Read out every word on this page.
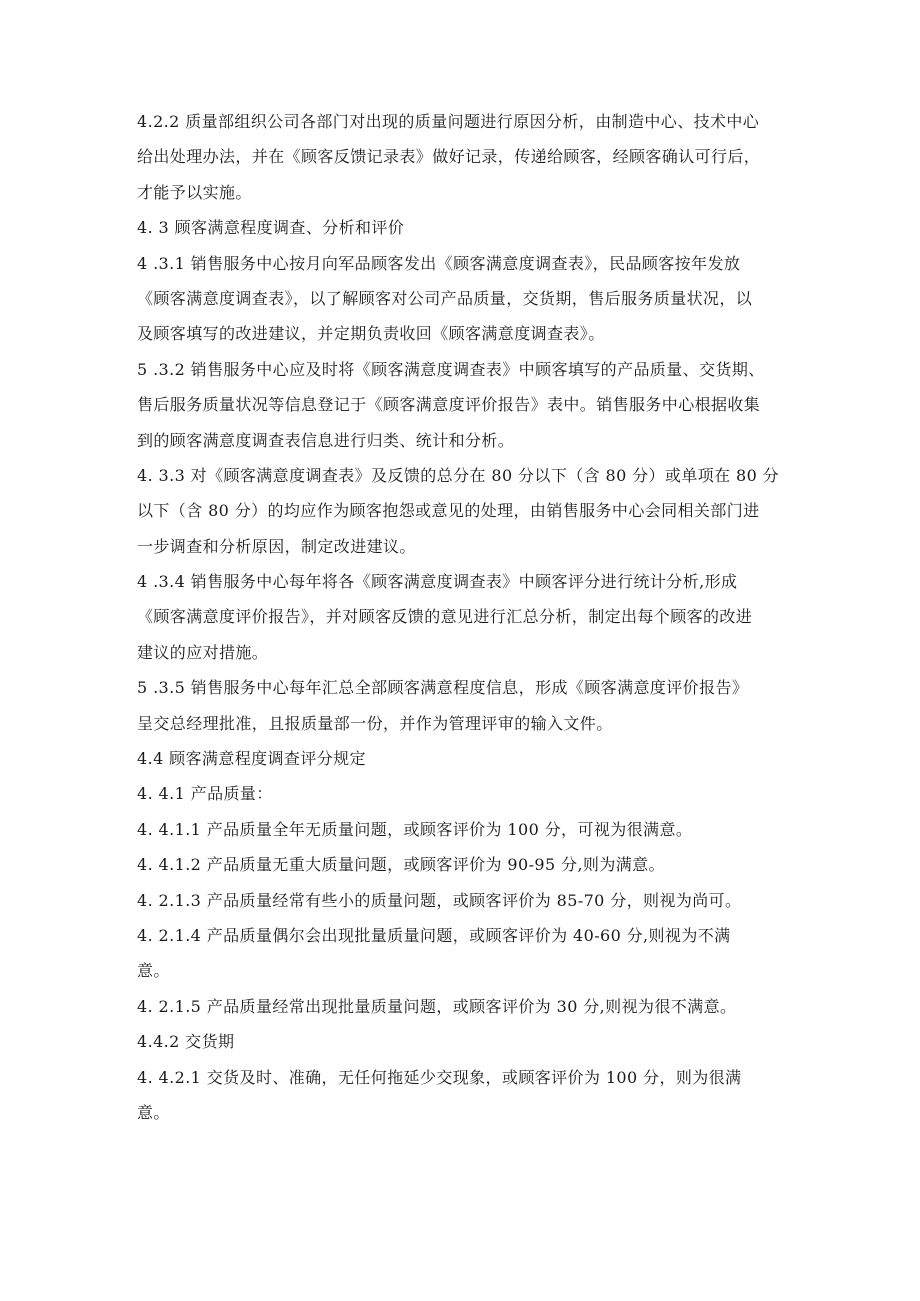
4.2.2 质量部组织公司各部门对出现的质量问题进行原因分析，由制造中心、技术中心
给出处理办法，并在《顾客反馈记录表》做好记录，传递给顾客，经顾客确认可行后，
才能予以实施。
4. 3 顾客满意程度调查、分析和评价
4 .3.1 销售服务中心按月向军品顾客发出《顾客满意度调查表》，民品顾客按年发放
《顾客满意度调查表》，以了解顾客对公司产品质量，交货期，售后服务质量状况，以
及顾客填写的改进建议，并定期负责收回《顾客满意度调查表》。
5 .3.2 销售服务中心应及时将《顾客满意度调查表》中顾客填写的产品质量、交货期、
售后服务质量状况等信息登记于《顾客满意度评价报告》表中。销售服务中心根据收集
到的顾客满意度调查表信息进行归类、统计和分析。
4. 3.3 对《顾客满意度调查表》及反馈的总分在 80 分以下（含 80 分）或单项在 80 分
以下（含 80 分）的均应作为顾客抱怨或意见的处理，由销售服务中心会同相关部门进
一步调查和分析原因，制定改进建议。
4 .3.4 销售服务中心每年将各《顾客满意度调查表》中顾客评分进行统计分析,形成
《顾客满意度评价报告》，并对顾客反馈的意见进行汇总分析，制定出每个顾客的改进
建议的应对措施。
5 .3.5 销售服务中心每年汇总全部顾客满意程度信息，形成《顾客满意度评价报告》
呈交总经理批准，且报质量部一份，并作为管理评审的输入文件。
4.4 顾客满意程度调查评分规定
4. 4.1 产品质量：
4. 4.1.1 产品质量全年无质量问题，或顾客评价为 100 分，可视为很满意。
4. 4.1.2 产品质量无重大质量问题，或顾客评价为 90-95 分,则为满意。
4. 2.1.3 产品质量经常有些小的质量问题，或顾客评价为 85-70 分，则视为尚可。
4. 2.1.4 产品质量偶尔会出现批量质量问题，或顾客评价为 40-60 分,则视为不满
意。
4. 2.1.5 产品质量经常出现批量质量问题，或顾客评价为 30 分,则视为很不满意。
4.4.2 交货期
4. 4.2.1 交货及时、准确，无任何拖延少交现象，或顾客评价为 100 分，则为很满
意。
